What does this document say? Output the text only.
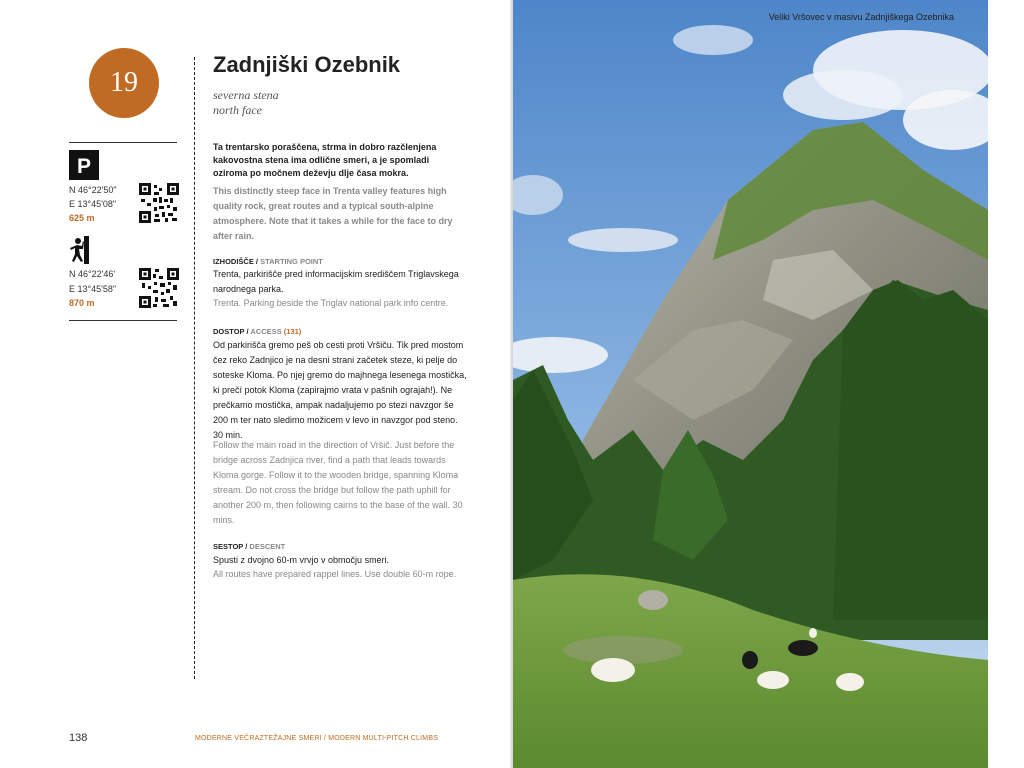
19
P
N 46°22'50"
E 13°45'08"
625 m
N 46°22'46'
E 13°45'58"
870 m
Zadnjiški Ozebnik
severna stena
north face
Ta trentarsko poraščena, strma in dobro razčlenjena kakovostna stena ima odlične smeri, a je spomladi oziroma po močnem deževju dlje časa mokra.
This distinctly steep face in Trenta valley features high quality rock, great routes and a typical south-alpine atmosphere. Note that it takes a while for the face to dry after rain.
IZHODIŠČE / STARTING POINT
Trenta, parkirišče pred informacijskim središčem Triglavskega narodnega parka.
Trenta. Parking beside the Triglav national park info centre.
DOSTOP / ACCESS (131)
Od parkirišča gremo peš ob cesti proti Vršiču. Tik pred mostom čez reko Zadnjico je na desni strani začetek steze, ki pelje do soteske Kloma. Po njej gremo do majhnega lesenega mostička, ki prečí potok Kloma (zapirajmo vrata v pašnih ograjah!). Ne prečkamo mostička, ampak nadaljujemo po stezi navzgor še 200 m ter nato sledimo možicem v levo in navzgor pod steno. 30 min.
Follow the main road in the direction of Vršič. Just before the bridge across Zadnjica river, find a path that leads towards Kloma gorge. Follow it to the wooden bridge, spanning Kloma stream. Do not cross the bridge but follow the path uphill for another 200 m, then following cairns to the base of the wall. 30 mins.
SESTOP / DESCENT
Spusti z dvojno 60-m vrvjo v območju smeri.
All routes have prepared rappel lines. Use double 60-m rope.
138	MODERNE VEČRAZTEŽAJNE SMERI / MODERN MULTI-PITCH CLIMBS
Veliki Vršovec v masivu Zadnjiškega Ozebnika
